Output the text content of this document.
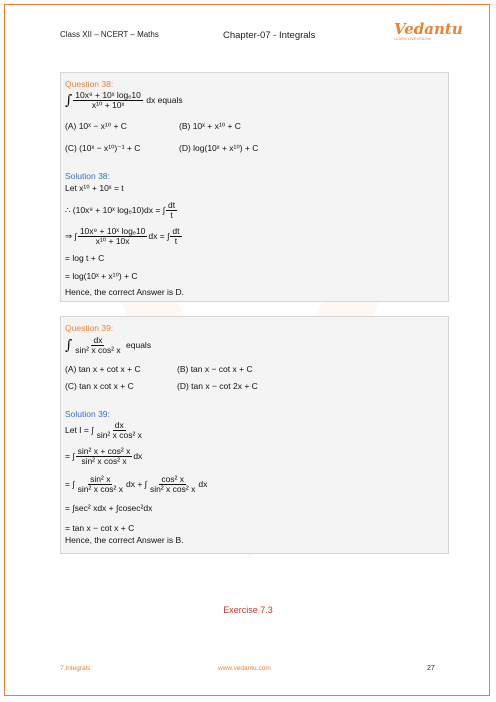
Class XII – NCERT – Maths	Chapter-07 - Integrals	Vedantu
LEARN LIVE ONLINE
Question 38:
∫ $\frac{\text{10x⁹ + 10ˣ logₑ10}}{\text{x¹⁰ + 10ˣ}}$ dx equals
(A) 10ˣ − x¹⁰ + C	(B) 10ˣ + x¹⁰ + C
(C) (10ˣ − x¹⁰)⁻¹ + C	(D) log(10ˣ + x¹⁰) + C
Solution 38:
Let x¹⁰ + 10ˣ = t
∴ (10x⁹ + 10ˣ logₑ10)dx = ∫ $\frac{dt}{t}$
⇒ ∫ $\frac{\text{10x⁹ + 10ˣ logₑ10}}{\text{x¹⁰ + 10x}}$ dx = ∫ $\frac{dt}{t}$
= log t + C
= log(10ˣ + x¹⁰) + C
Hence, the correct Answer is D.
Question 39:
∫ $\frac{dx}{\text{sin² x cos² x}}$ equals
(A) tan x + cot x + C	(B) tan x − cot x + C
(C) tan x cot x + C	(D) tan x − cot 2x + C
Solution 39:
Let I = ∫ $\frac{dx}{\text{sin² x cos² x}}$
= ∫ $\frac{\text{sin² x + cos² x}}{\text{sin² x cos² x}}$ dx
= ∫ $\frac{\text{sin² x}}{\text{sin² x cos² x}}$ dx + ∫ $\frac{\text{cos² x}}{\text{sin² x cos² x}}$ dx
= ∫sec² xdx + ∫cosec²dx
= tan x − cot x + C
Hence, the correct Answer is B.
Exercise 7.3
7.Integrals	www.vedantu.com	27
